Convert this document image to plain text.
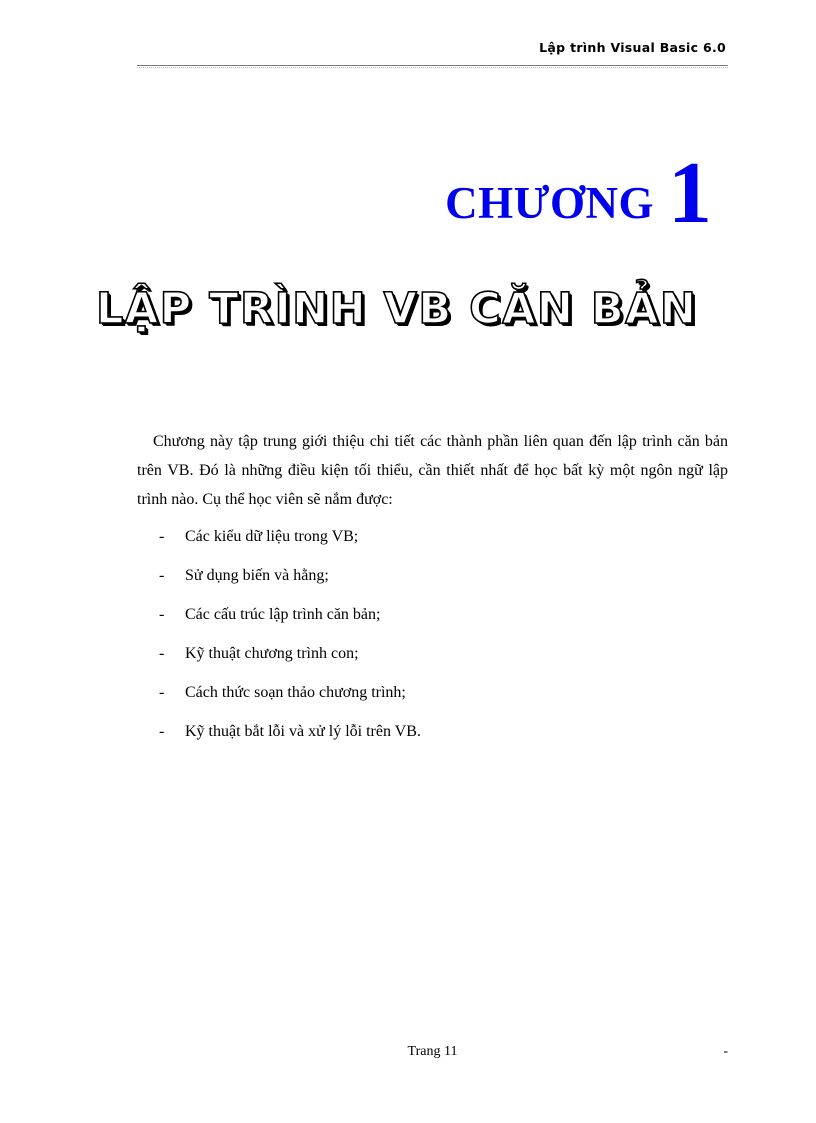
Lập trình Visual Basic 6.0
CHƯƠNG 1
LẬP TRÌNH VB CĂN BẢN

Chương này tập trung giới thiệu chi tiết các thành phần liên quan đến lập trình căn bản trên VB. Đó là những điều kiện tối thiểu, cần thiết nhất để học bất kỳ một ngôn ngữ lập trình nào. Cụ thể học viên sẽ nắm được:

-	Các kiểu dữ liệu trong VB;
-	Sử dụng biến và hằng;
-	Các cấu trúc lập trình căn bản;
-	Kỹ thuật chương trình con;
-	Cách thức soạn thảo chương trình;
-	Kỹ thuật bắt lỗi và xử lý lỗi trên VB.
Trang 11	-
